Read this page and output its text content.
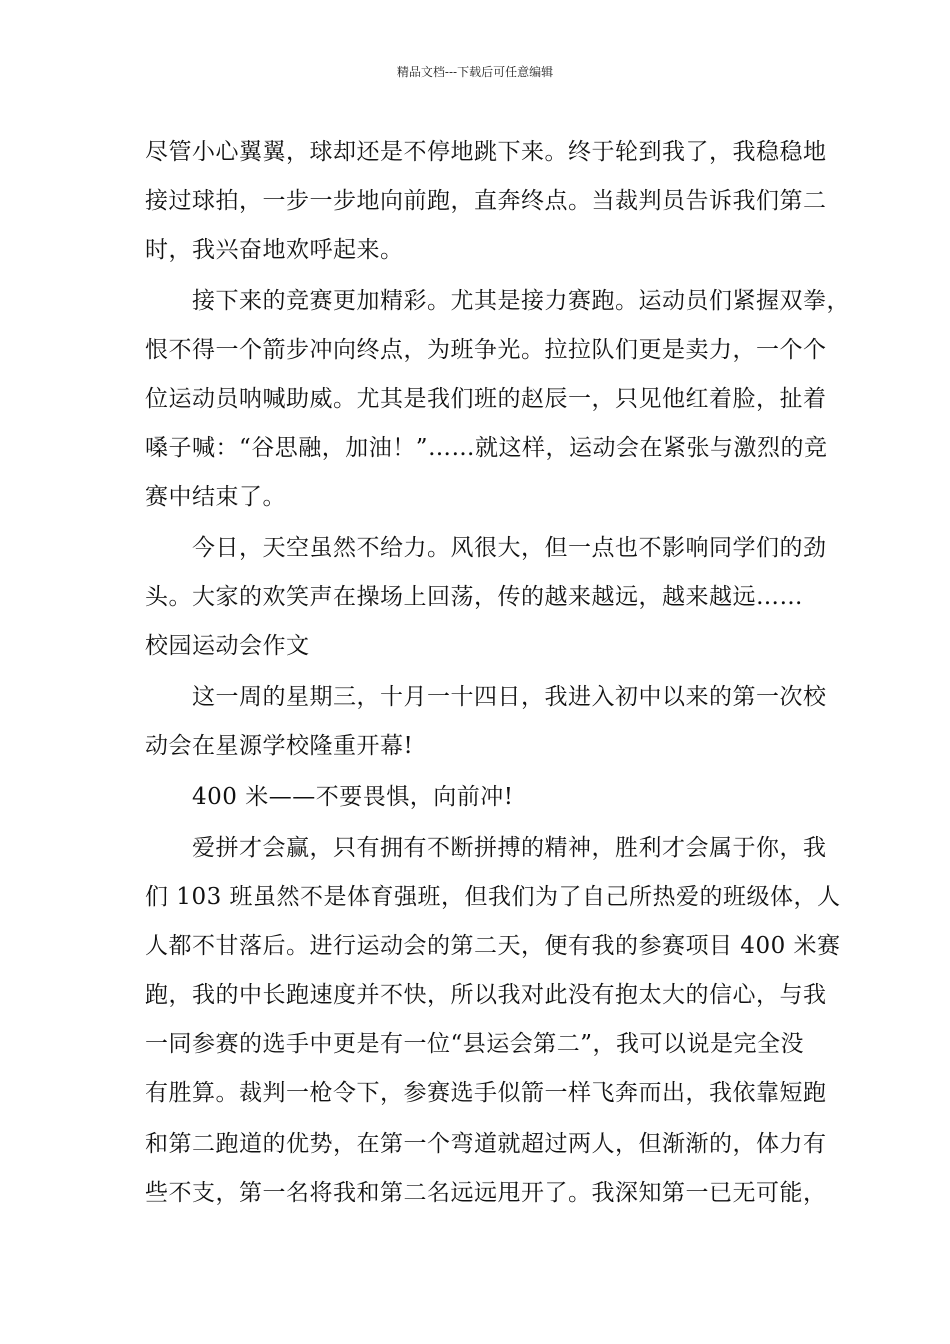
精品文档---下载后可任意编辑
尽管小心翼翼，球却还是不停地跳下来。终于轮到我了，我稳稳地
接过球拍，一步一步地向前跑，直奔终点。当裁判员告诉我们第二
时，我兴奋地欢呼起来。
　　接下来的竞赛更加精彩。尤其是接力赛跑。运动员们紧握双拳，
恨不得一个箭步冲向终点，为班争光。拉拉队们更是卖力，一个个
位运动员呐喊助威。尤其是我们班的赵辰一，只见他红着脸，扯着
嗓子喊：“谷思融，加油！”……就这样，运动会在紧张与激烈的竞
赛中结束了。
　　今日，天空虽然不给力。风很大，但一点也不影响同学们的劲
头。大家的欢笑声在操场上回荡，传的越来越远，越来越远……
校园运动会作文
　　这一周的星期三，十月一十四日，我进入初中以来的第一次校
动会在星源学校隆重开幕!
　　400 米——不要畏惧，向前冲!
　　爱拼才会赢，只有拥有不断拼搏的精神，胜利才会属于你，我
们 103 班虽然不是体育强班，但我们为了自己所热爱的班级体，人
人都不甘落后。进行运动会的第二天，便有我的参赛项目 400 米赛
跑，我的中长跑速度并不快，所以我对此没有抱太大的信心，与我
一同参赛的选手中更是有一位“县运会第二”，我可以说是完全没
有胜算。裁判一枪令下，参赛选手似箭一样飞奔而出，我依靠短跑
和第二跑道的优势，在第一个弯道就超过两人，但渐渐的，体力有
些不支，第一名将我和第二名远远甩开了。我深知第一已无可能，
